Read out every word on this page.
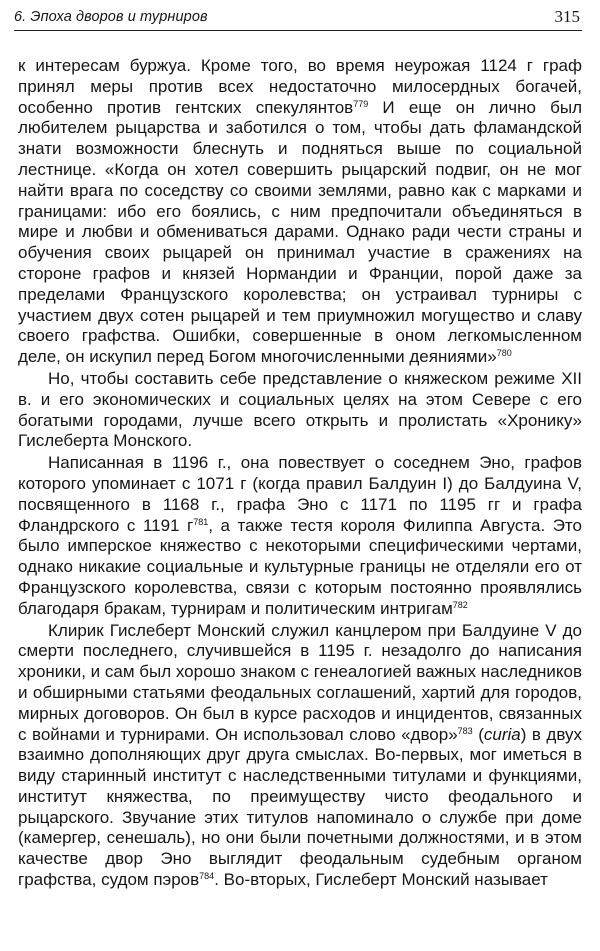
6. Эпоха дворов и турниров	315

к интересам буржуа. Кроме того, во время неурожая 1124 г граф принял меры против всех недостаточно милосердных богачей, особенно против гентских спекулянтов$^{779}$ И еще он лично был любителем рыцарства и заботился о том, чтобы дать фламандской знати возможности блеснуть и подняться выше по социальной лестнице. «Когда он хотел совершить рыцарский подвиг, он не мог найти врага по соседству со своими землями, равно как с марками и границами: ибо его боялись, с ним предпочитали объединяться в мире и любви и обмениваться дарами. Однако ради чести страны и обучения своих рыцарей он принимал участие в сражениях на стороне графов и князей Нормандии и Франции, порой даже за пределами Французского королевства; он устраивал турниры с участием двух сотен рыцарей и тем приумножил могущество и славу своего графства. Ошибки, совершенные в оном легкомысленном деле, он искупил перед Богом многочисленными деяниями»$^{780}$

Но, чтобы составить себе представление о княжеском режиме XII в. и его экономических и социальных целях на этом Севере с его богатыми городами, лучше всего открыть и пролистать «Хронику» Гислеберта Монского.

Написанная в 1196 г., она повествует о соседнем Эно, графов которого упоминает с 1071 г (когда правил Балдуин I) до Балдуина V, посвященного в 1168 г., графа Эно с 1171 по 1195 гг и графа Фландрского с 1191 $г^{781}$, а также тестя короля Филиппа Августа. Это было имперское княжество с некоторыми специфическими чертами, однако никакие социальные и культурные границы не отделяли его от Французского королевства, связи с которым постоянно проявлялись благодаря бракам, турнирам и политическим интригам$^{782}$

Клирик Гислеберт Монский служил канцлером при Балдуине V до смерти последнего, случившейся в 1195 г. незадолго до написания хроники, и сам был хорошо знаком с генеалогией важных наследников и обширными статьями феодальных соглашений, хартий для городов, мирных договоров. Он был в курсе расходов и инцидентов, связанных с войнами и турнирами. Он использовал слово «двор»$^{783}$ (curia) в двух взаимно дополняющих друг друга смыслах. Во-первых, мог иметься в виду старинный институт с наследственными титулами и функциями, институт княжества, по преимуществу чисто феодального и рыцарского. Звучание этих титулов напоминало о службе при доме (камергер, сенешаль), но они были почетными должностями, и в этом качестве двор Эно выглядит феодальным судебным органом графства, судом пэров$^{784}$. Во-вторых, Гислеберт Монский называет
